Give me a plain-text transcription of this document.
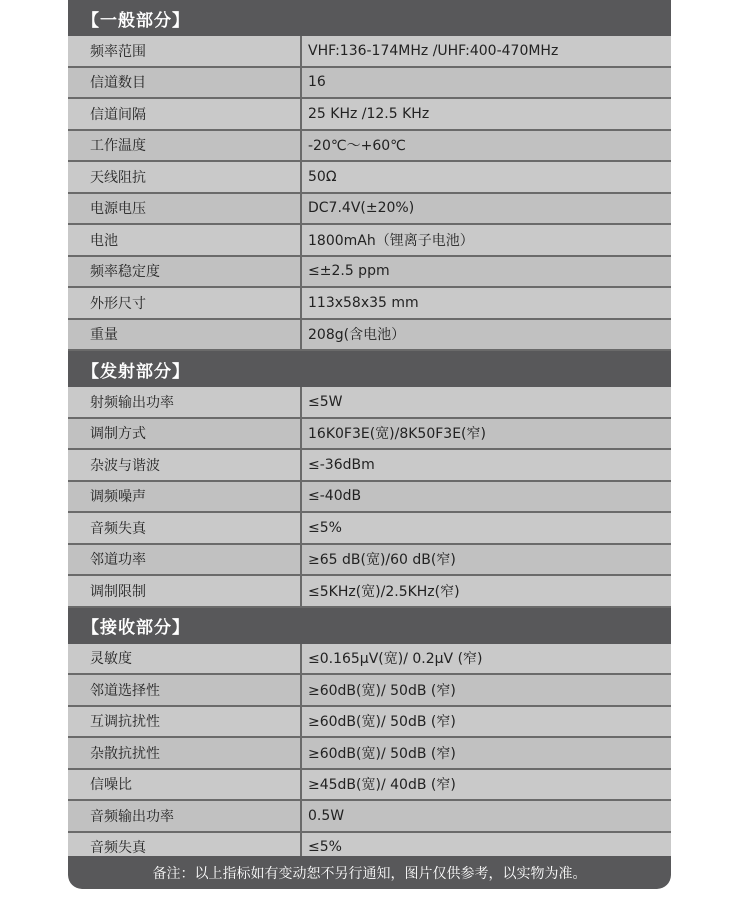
【一般部分】
频率范围	VHF:136-174MHz /UHF:400-470MHz
信道数目	16
信道间隔	25 KHz /12.5 KHz
工作温度	-20℃～+60℃
天线阻抗	50Ω
电源电压	DC7.4V(±20%)
电池	1800mAh（锂离子电池）
频率稳定度	≤±2.5 ppm
外形尺寸	113x58x35 mm
重量	208g(含电池）
【发射部分】
射频输出功率	≤5W
调制方式	16K0F3E(宽)/8K50F3E(窄)
杂波与谐波	≤-36dBm
调频噪声	≤-40dB
音频失真	≤5%
邻道功率	≥65 dB(宽)/60 dB(窄)
调制限制	≤5KHz(宽)/2.5KHz(窄)
【接收部分】
灵敏度	≤0.165μV(宽)/ 0.2μV (窄)
邻道选择性	≥60dB(宽)/ 50dB (窄)
互调抗扰性	≥60dB(宽)/ 50dB (窄)
杂散抗扰性	≥60dB(宽)/ 50dB (窄)
信噪比	≥45dB(宽)/ 40dB (窄)
音频输出功率	0.5W
音频失真	≤5%
备注：以上指标如有变动恕不另行通知，图片仅供参考，以实物为准。
